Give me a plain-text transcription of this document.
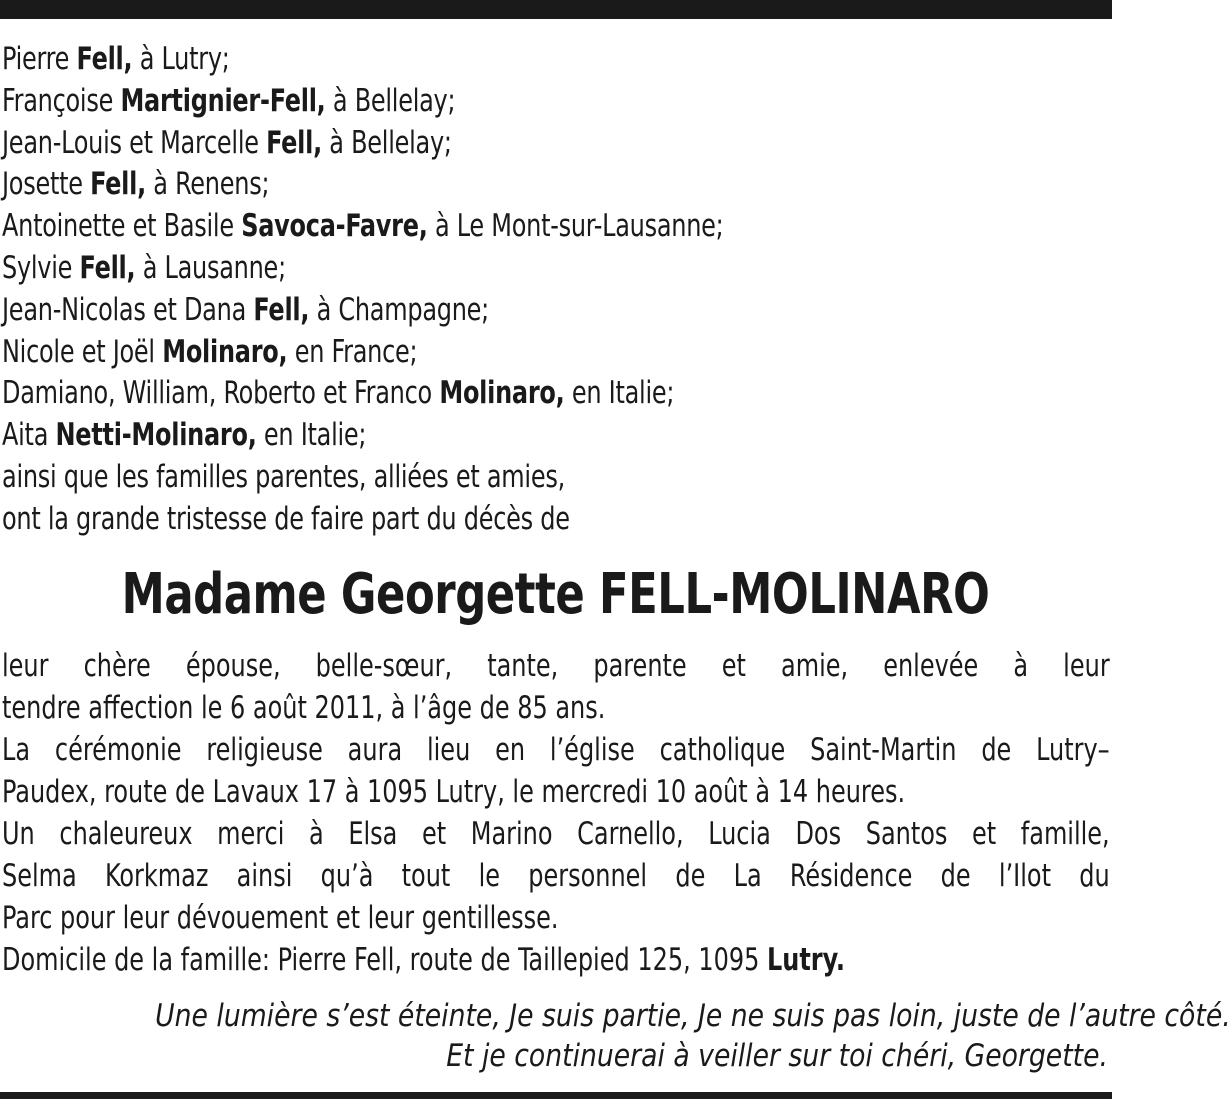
Pierre Fell, à Lutry;
Françoise Martignier-Fell, à Bellelay;
Jean-Louis et Marcelle Fell, à Bellelay;
Josette Fell, à Renens;
Antoinette et Basile Savoca-Favre, à Le Mont-sur-Lausanne;
Sylvie Fell, à Lausanne;
Jean-Nicolas et Dana Fell, à Champagne;
Nicole et Joël Molinaro, en France;
Damiano, William, Roberto et Franco Molinaro, en Italie;
Aita Netti-Molinaro, en Italie;
ainsi que les familles parentes, alliées et amies,
ont la grande tristesse de faire part du décès de
Madame Georgette FELL-MOLINARO
leur chère épouse, belle-sœur, tante, parente et amie, enlevée à leur
tendre affection le 6 août 2011, à l’âge de 85 ans.
La cérémonie religieuse aura lieu en l’église catholique Saint-Martin de Lutry–
Paudex, route de Lavaux 17 à 1095 Lutry, le mercredi 10 août à 14 heures.
Un chaleureux merci à Elsa et Marino Carnello, Lucia Dos Santos et famille,
Selma Korkmaz ainsi qu’à tout le personnel de La Résidence de l’Ilot du
Parc pour leur dévouement et leur gentillesse.
Domicile de la famille: Pierre Fell, route de Taillepied 125, 1095 Lutry.
Une lumière s’est éteinte, Je suis partie, Je ne suis pas loin, juste de l’autre côté.
Et je continuerai à veiller sur toi chéri, Georgette.
